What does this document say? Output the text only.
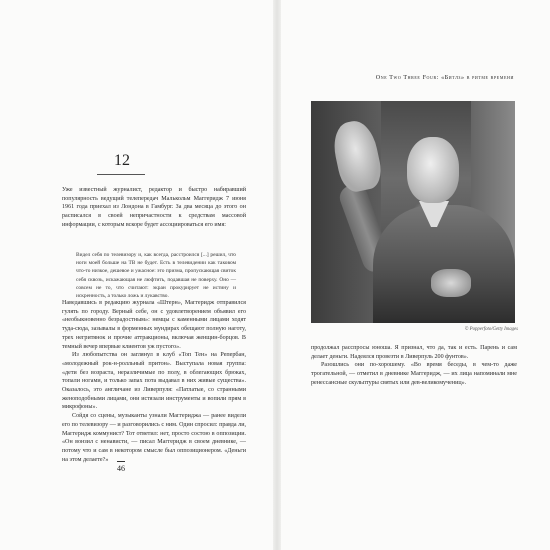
12

Уже известный журналист, редактор и быстро набиравший популярность ведущий телепередач Малькольм Маггеридж 7 июня 1961 года приехал из Лондона в Гамбург. За два месяца до этого он расписался в своей непричастности к средствам массовой информации, с которым вскоре будет ассоциироваться его имя:

Видел себя по телевизору и, как всегда, расстроился [...] решил, что ноги моей больше на ТВ не будет. Есть в телевидении как таковом что-то низкое, дешевое и ужасное: это призма, пропускающая свиток себя сквозь, искажающая не люфтить, подавшая не поверху. Оно — совсем не то, что считают: экран прокурирует не истину и искренность, а только ложь и лукавство.

Наведавшись в редакцию журнала «Штерн», Маггеридж отправился гулять по городу. Верный себе, он с удовлетворением объявил его «необыкновенно безрадостным»: немцы с каменными лицами ходят туда-сюда, зазывалы в форменных мундирах обещают полную наготу, трех негритянок и прочие аттракционы, включая женщин-борцов. В темный вечер впервые клиентов уж пустого».

Из любопытства он заглянул в клуб «Топ Тен» на Репербан, «молодежный рок-н-ролльный притон». Выступала новая группа: «дети без возраста, неразличимые по полу, в облегающих брюках, топали ногами, и только запах пота выдавал в них живые существа». Оказалось, это англичане из Ливерпуля: «Патлатые, со странными женоподобными лицами, они истязали инструменты и вопили прям в микрофоны».

Сойдя со сцены, музыканты узнали Маггериджа — ранее видели его по телевизору — и разговорились с ним. Один спросил: правда ли, Маггеридж коммунист? Тот ответил: нет, просто состою в оппозиции. «Он вонзил с ненависти, — писал Маггеридж в своем дневнике, — потому что и сам в некотором смысле был оппозиционером. «Деньги на этом делаете?»

46
One Two Three Four: «Битлз» в ритме времени
© Popperfoto/Getty Images

продолжал расспросы юноша. Я признал, что да, так и есть. Парень и сам делает деньги. Надеялся провезти в Ливерпуль 200 фунтов».

Разошлись они по-хорошему. «Во время беседы, в чем-то даже трогательной, — отметил в дневнике Маггеридж, — их лица напоминали мне ренессансные скульптуры святых или дев-великомучениц».
